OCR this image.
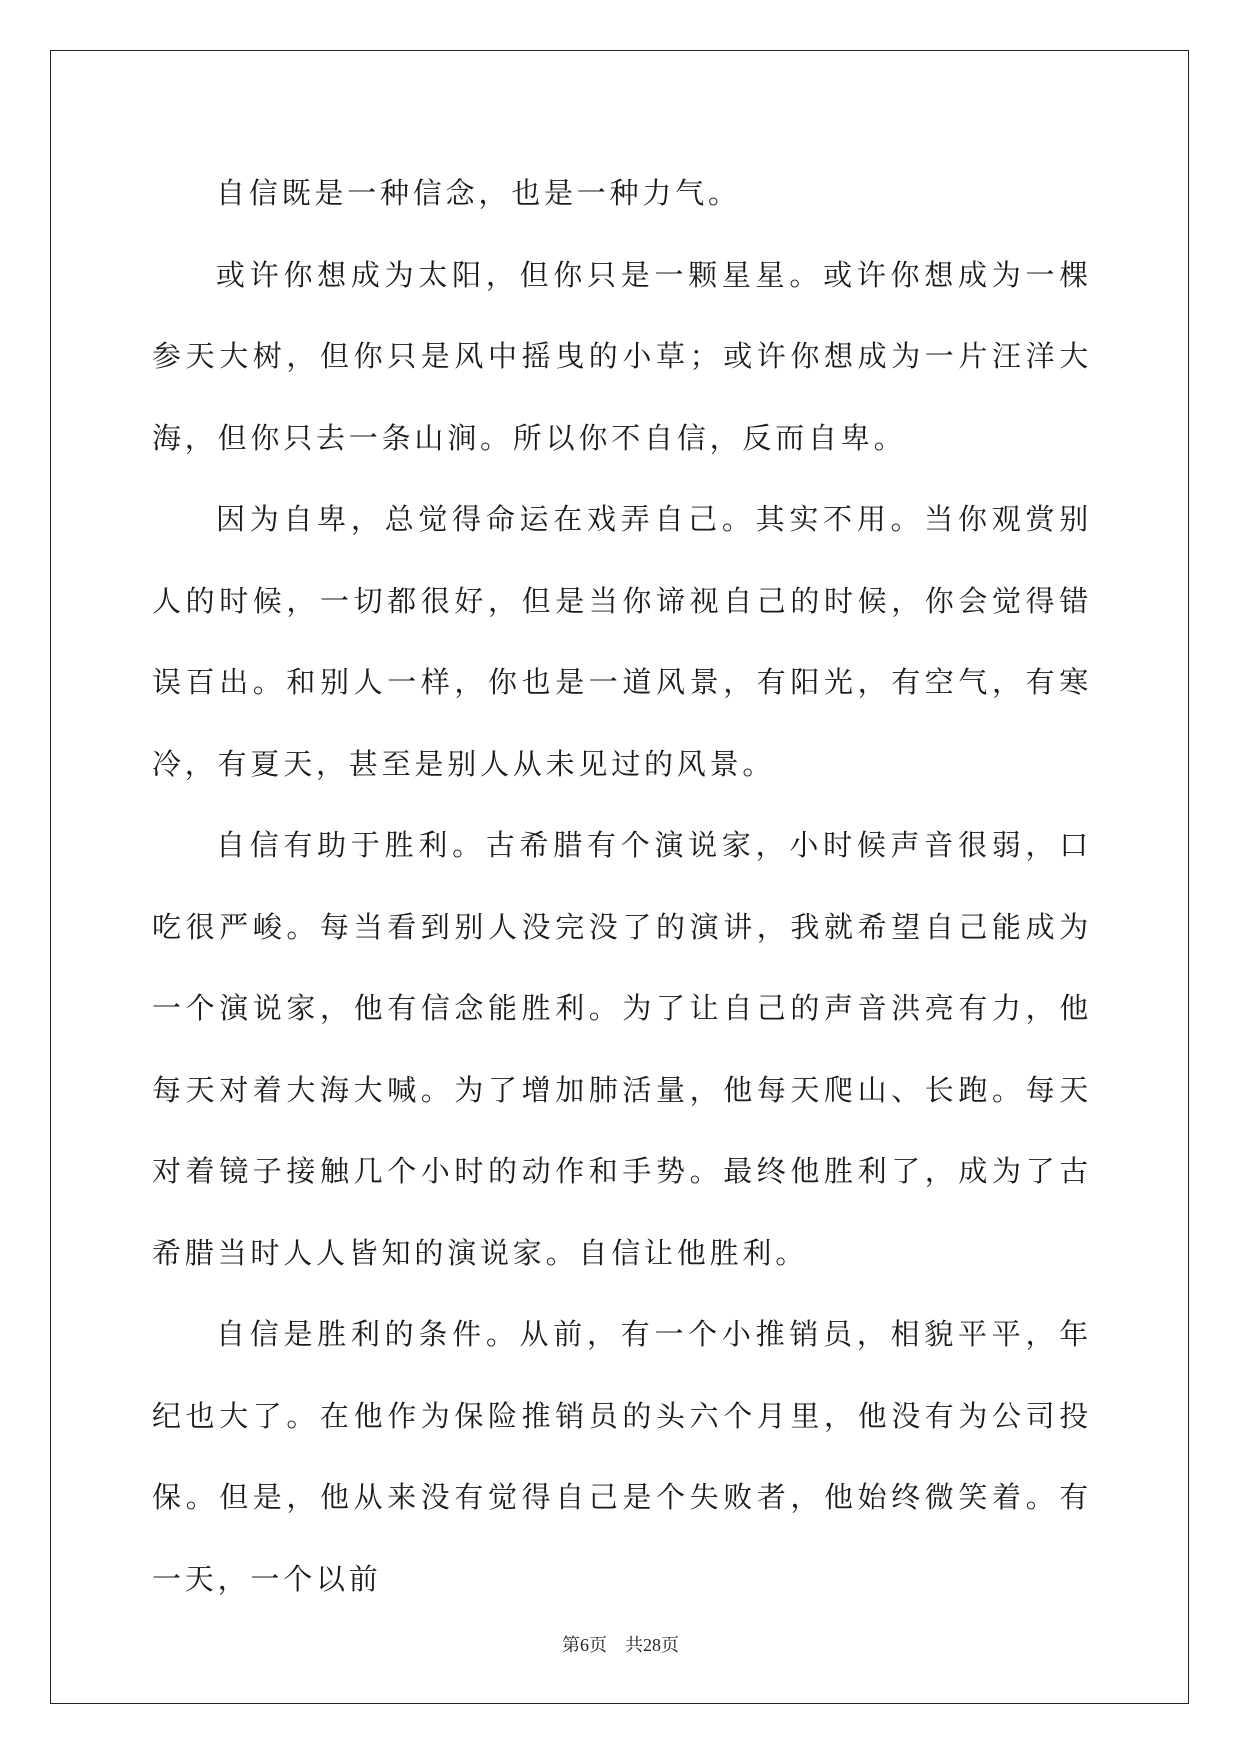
自信既是一种信念，也是一种力气。

或许你想成为太阳，但你只是一颗星星。或许你想成为一棵参天大树，但你只是风中摇曳的小草；或许你想成为一片汪洋大海，但你只去一条山涧。所以你不自信，反而自卑。

因为自卑，总觉得命运在戏弄自己。其实不用。当你观赏别人的时候，一切都很好，但是当你谛视自己的时候，你会觉得错误百出。和别人一样，你也是一道风景，有阳光，有空气，有寒冷，有夏天，甚至是别人从未见过的风景。

自信有助于胜利。古希腊有个演说家，小时候声音很弱，口吃很严峻。每当看到别人没完没了的演讲，我就希望自己能成为一个演说家，他有信念能胜利。为了让自己的声音洪亮有力，他每天对着大海大喊。为了增加肺活量，他每天爬山、长跑。每天对着镜子接触几个小时的动作和手势。最终他胜利了，成为了古希腊当时人人皆知的演说家。自信让他胜利。

自信是胜利的条件。从前，有一个小推销员，相貌平平，年纪也大了。在他作为保险推销员的头六个月里，他没有为公司投保。但是，他从来没有觉得自己是个失败者，他始终微笑着。有一天，一个以前

第6页 共28页
